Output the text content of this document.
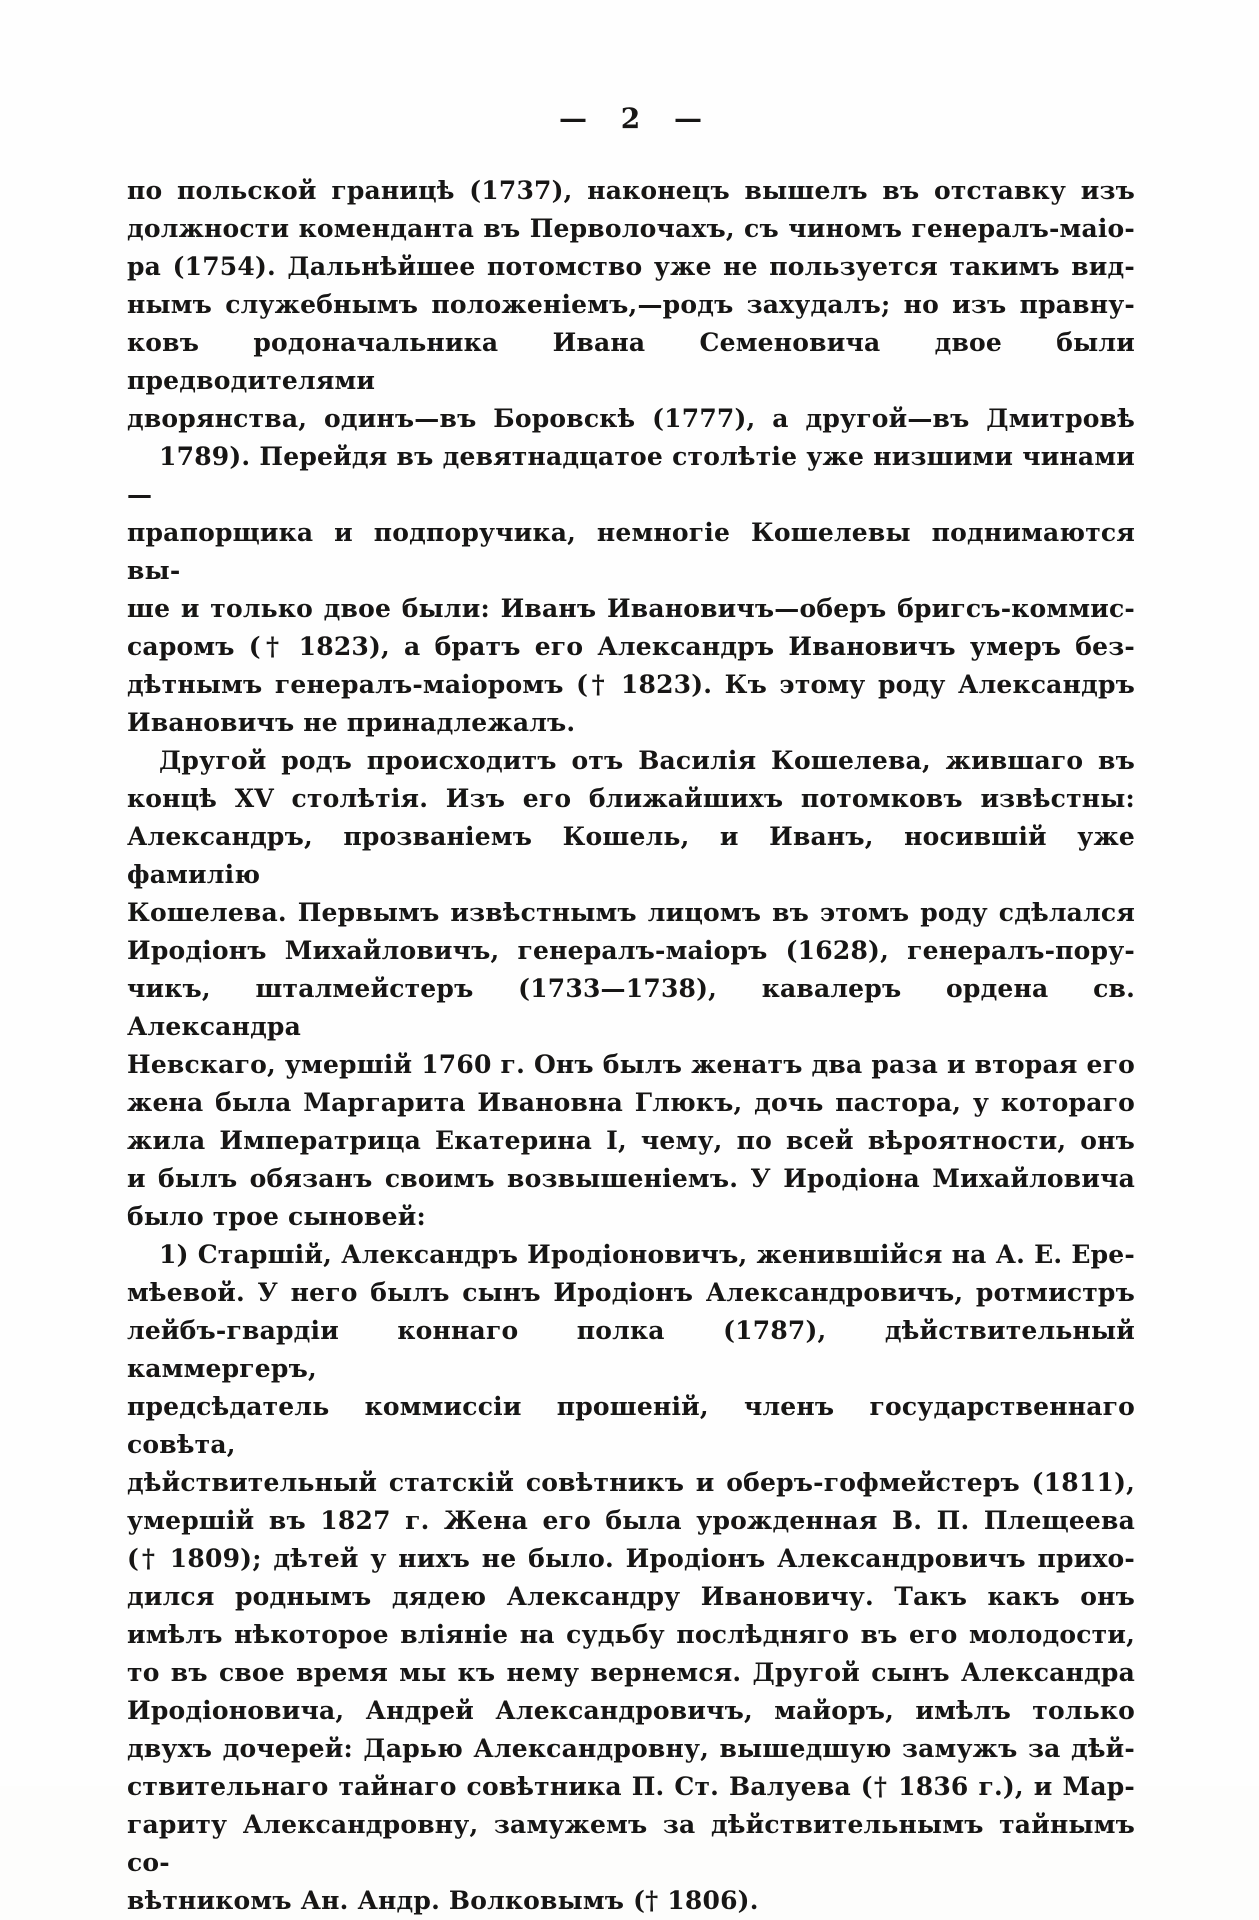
— 2 —
по польской границѣ (1737), наконецъ вышелъ въ отставку изъ
должности коменданта въ Перволочахъ, съ чиномъ генералъ-маіо-
ра (1754). Дальнѣйшее потомство уже не пользуется такимъ вид-
нымъ служебнымъ положеніемъ,—родъ захудалъ; но изъ правну-
ковъ родоначальника Ивана Семеновича двое были предводителями
дворянства, одинъ—въ Боровскѣ (1777), а другой—въ Дмитровѣ
1789). Перейдя въ девятнадцатое столѣтіе уже низшими чинами—
прапорщика и подпоручика, немногіе Кошелевы поднимаются вы-
ше и только двое были: Иванъ Ивановичъ—оберъ бригсъ-коммис-
саромъ († 1823), а братъ его Александръ Ивановичъ умеръ без-
дѣтнымъ генералъ-маіоромъ († 1823). Къ этому роду Александръ
Ивановичъ не принадлежалъ.
Другой родъ происходитъ отъ Василія Кошелева, жившаго въ
концѣ XV столѣтія. Изъ его ближайшихъ потомковъ извѣстны:
Александръ, прозваніемъ Кошель, и Иванъ, носившій уже фамилію
Кошелева. Первымъ извѣстнымъ лицомъ въ этомъ роду сдѣлался
Иродіонъ Михайловичъ, генералъ-маіоръ (1628), генералъ-пору-
чикъ, шталмейстеръ (1733—1738), кавалеръ ордена св. Александра
Невскаго, умершій 1760 г. Онъ былъ женатъ два раза и вторая его
жена была Маргарита Ивановна Глюкъ, дочь пастора, у котораго
жила Императрица Екатерина I, чему, по всей вѣроятности, онъ
и былъ обязанъ своимъ возвышеніемъ. У Иродіона Михайловича
было трое сыновей:
1) Старшій, Александръ Иродіоновичъ, женившійся на А. Е. Ере-
мѣевой. У него былъ сынъ Иродіонъ Александровичъ, ротмистръ
лейбъ-гвардіи коннаго полка (1787), дѣйствительный каммергеръ,
предсѣдатель коммиссіи прошеній, членъ государственнаго совѣта,
дѣйствительный статскій совѣтникъ и оберъ-гофмейстеръ (1811),
умершій въ 1827 г. Жена его была урожденная В. П. Плещеева
(† 1809); дѣтей у нихъ не было. Иродіонъ Александровичъ прихо-
дился роднымъ дядею Александру Ивановичу. Такъ какъ онъ
имѣлъ нѣкоторое вліяніе на судьбу послѣдняго въ его молодости,
то въ свое время мы къ нему вернемся. Другой сынъ Александра
Иродіоновича, Андрей Александровичъ, майоръ, имѣлъ только
двухъ дочерей: Дарью Александровну, вышедшую замужъ за дѣй-
ствительнаго тайнаго совѣтника П. Ст. Валуева († 1836 г.), и Мар-
гариту Александровну, замужемъ за дѣйствительнымъ тайнымъ со-
вѣтникомъ Ан. Андр. Волковымъ († 1806).
